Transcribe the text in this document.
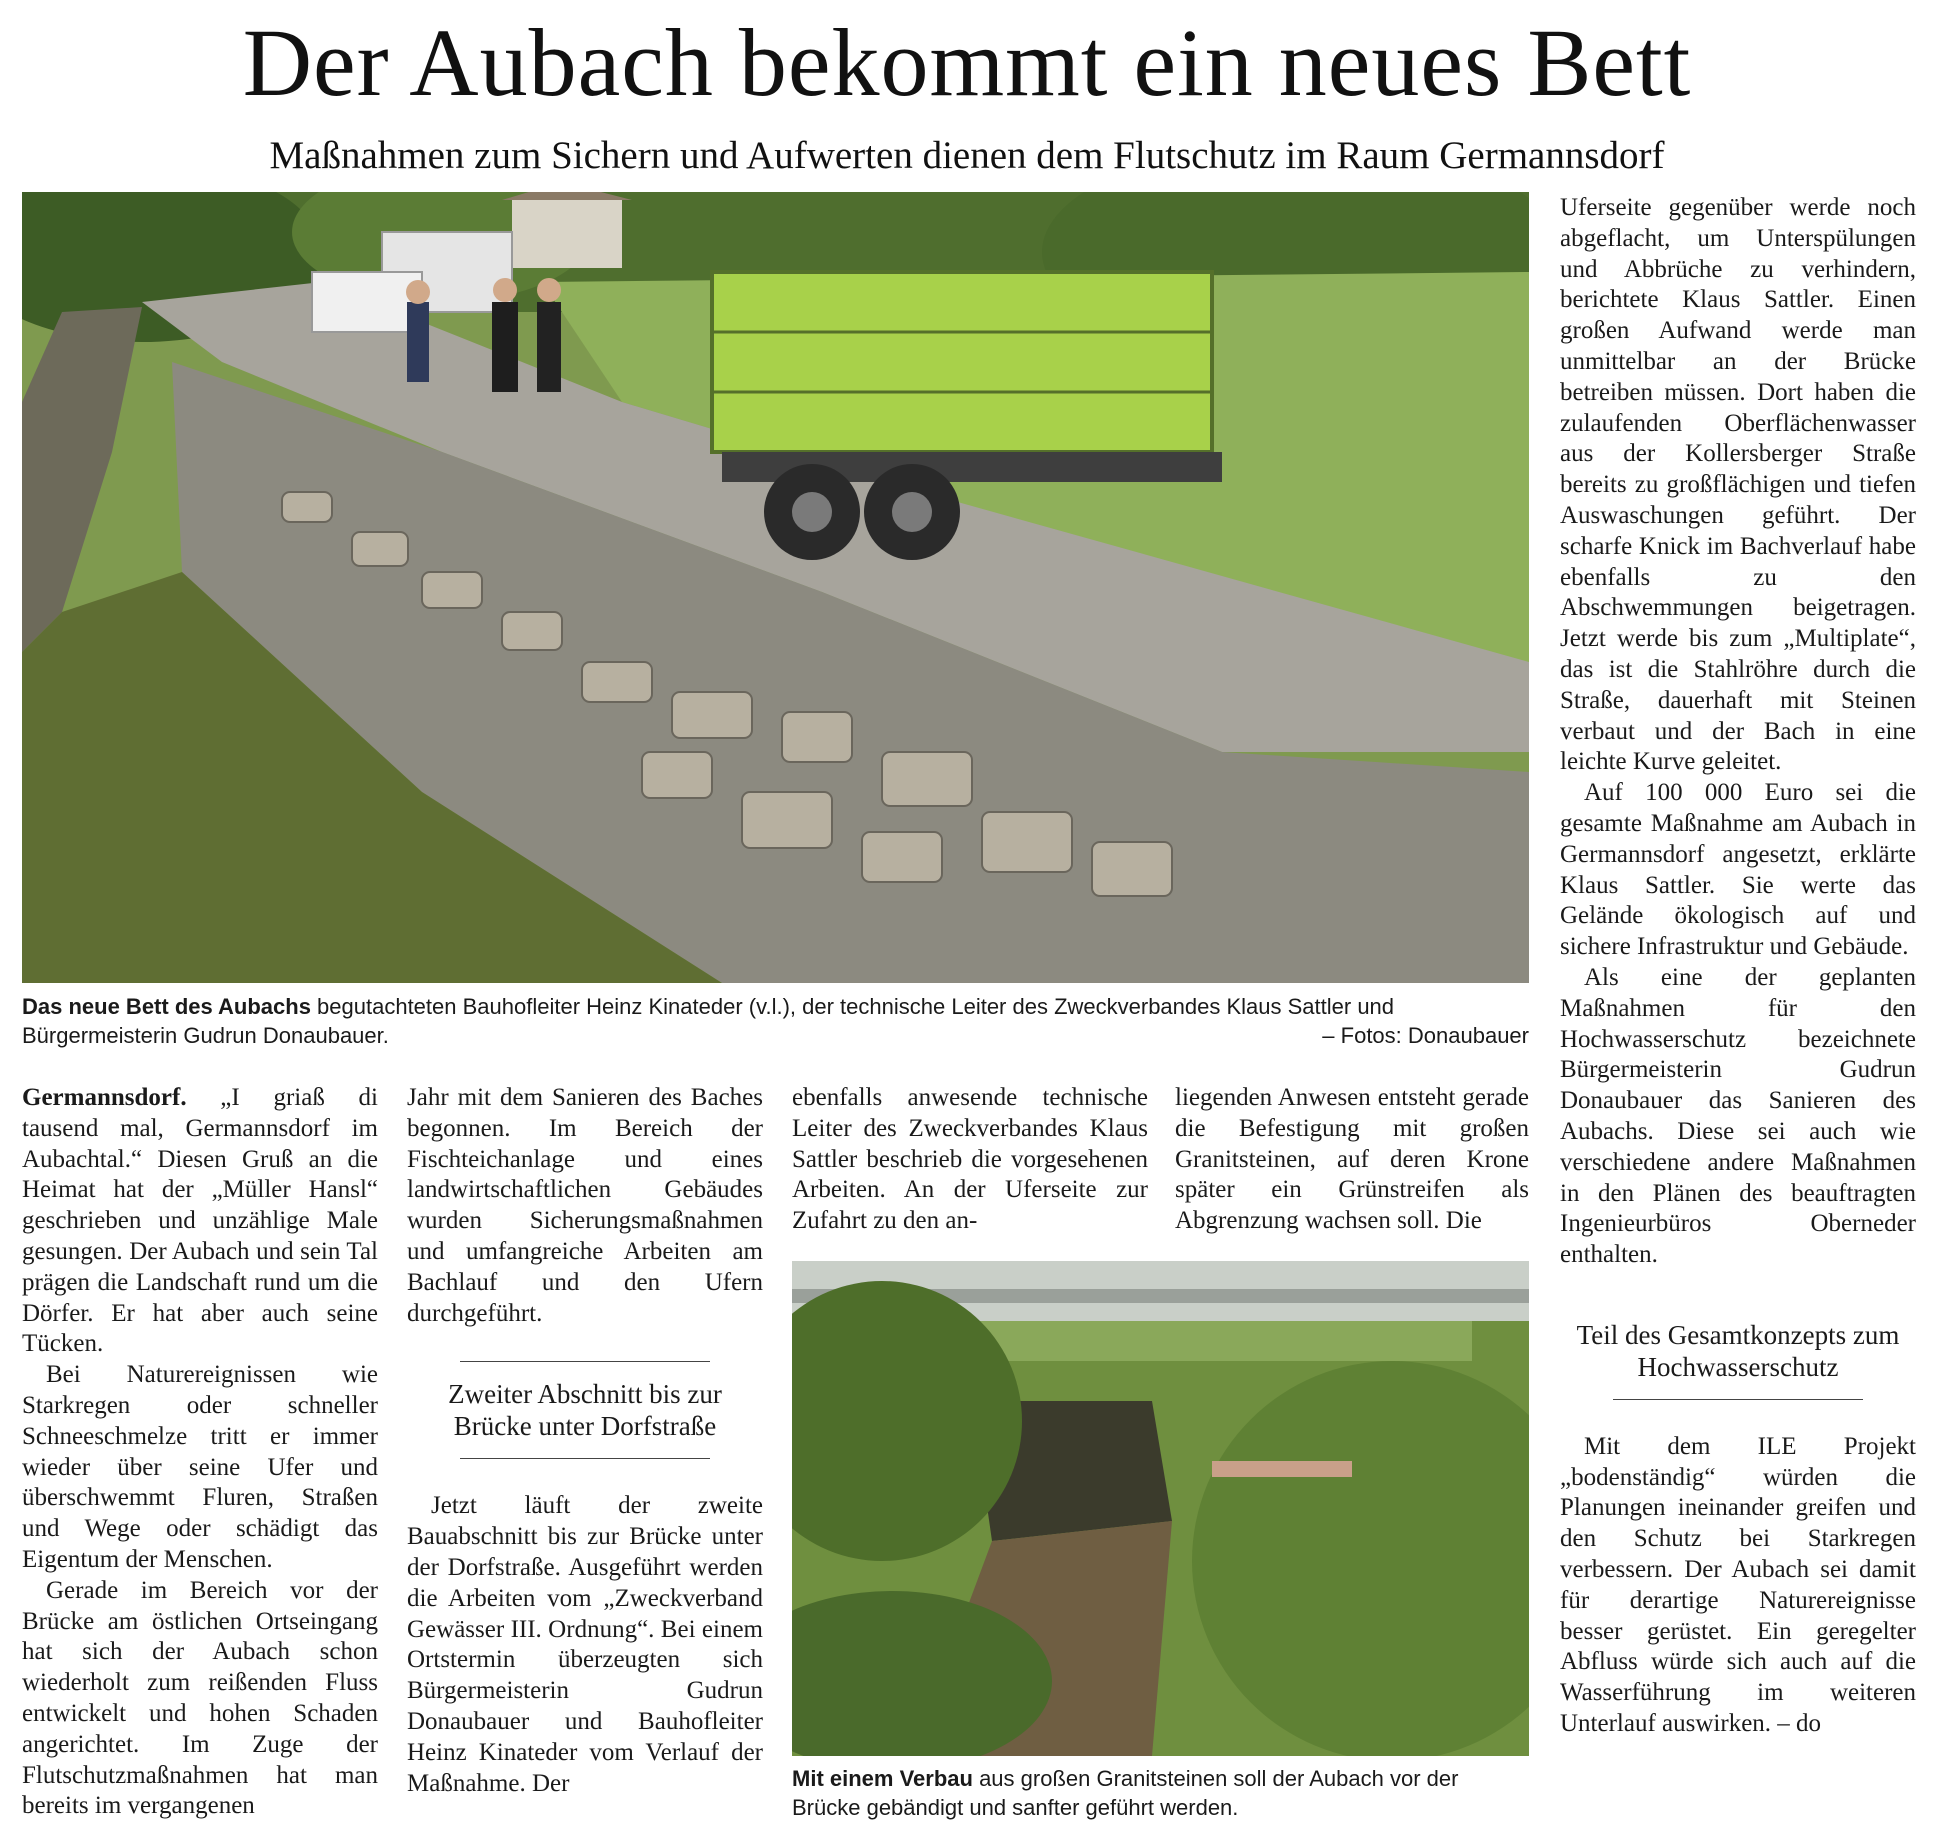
Der Aubach bekommt ein neues Bett
Maßnahmen zum Sichern und Aufwerten dienen dem Flutschutz im Raum Germannsdorf
Das neue Bett des Aubachs begutachteten Bauhofleiter Heinz Kinateder (v.l.), der technische Leiter des Zweckverbandes Klaus Sattler und Bürgermeisterin Gudrun Donaubauer.	– Fotos: Donaubauer

Germannsdorf. „I griaß di tausend mal, Germannsdorf im Aubachtal.“ Diesen Gruß an die Heimat hat der „Müller Hansl“ geschrieben und unzählige Male gesungen. Der Aubach und sein Tal prägen die Landschaft rund um die Dörfer. Er hat aber auch seine Tücken.

Bei Naturereignissen wie Starkregen oder schneller Schneeschmelze tritt er immer wieder über seine Ufer und überschwemmt Fluren, Straßen und Wege oder schädigt das Eigentum der Menschen.

Gerade im Bereich vor der Brücke am östlichen Ortseingang hat sich der Aubach schon wiederholt zum reißenden Fluss entwickelt und hohen Schaden angerichtet. Im Zuge der Flutschutzmaßnahmen hat man bereits im vergangenen

Jahr mit dem Sanieren des Baches begonnen. Im Bereich der Fischteichanlage und eines landwirtschaftlichen Gebäudes wurden Sicherungsmaßnahmen und umfangreiche Arbeiten am Bachlauf und den Ufern durchgeführt.

Zweiter Abschnitt bis zur Brücke unter Dorfstraße

Jetzt läuft der zweite Bauabschnitt bis zur Brücke unter der Dorfstraße. Ausgeführt werden die Arbeiten vom „Zweckverband Gewässer III. Ordnung“. Bei einem Ortstermin überzeugten sich Bürgermeisterin Gudrun Donaubauer und Bauhofleiter Heinz Kinateder vom Verlauf der Maßnahme. Der

ebenfalls anwesende technische Leiter des Zweckverbandes Klaus Sattler beschrieb die vorgesehenen Arbeiten. An der Uferseite zur Zufahrt zu den an-

liegenden Anwesen entsteht gerade die Befestigung mit großen Granitsteinen, auf deren Krone später ein Grünstreifen als Abgrenzung wachsen soll. Die

Mit einem Verbau aus großen Granitsteinen soll der Aubach vor der Brücke gebändigt und sanfter geführt werden.

Uferseite gegenüber werde noch abgeflacht, um Unterspülungen und Abbrüche zu verhindern, berichtete Klaus Sattler. Einen großen Aufwand werde man unmittelbar an der Brücke betreiben müssen. Dort haben die zulaufenden Oberflächenwasser aus der Kollersberger Straße bereits zu großflächigen und tiefen Auswaschungen geführt. Der scharfe Knick im Bachverlauf habe ebenfalls zu den Abschwemmungen beigetragen. Jetzt werde bis zum „Multiplate“, das ist die Stahlröhre durch die Straße, dauerhaft mit Steinen verbaut und der Bach in eine leichte Kurve geleitet.

Auf 100 000 Euro sei die gesamte Maßnahme am Aubach in Germannsdorf angesetzt, erklärte Klaus Sattler. Sie werte das Gelände ökologisch auf und sichere Infrastruktur und Gebäude.

Als eine der geplanten Maßnahmen für den Hochwasserschutz bezeichnete Bürgermeisterin Gudrun Donaubauer das Sanieren des Aubachs. Diese sei auch wie verschiedene andere Maßnahmen in den Plänen des beauftragten Ingenieurbüros Oberneder enthalten.

Teil des Gesamtkonzepts zum Hochwasserschutz

Mit dem ILE Projekt „bodenständig“ würden die Planungen ineinander greifen und den Schutz bei Starkregen verbessern. Der Aubach sei damit für derartige Naturereignisse besser gerüstet. Ein geregelter Abfluss würde sich auch auf die Wasserführung im weiteren Unterlauf auswirken. – do
